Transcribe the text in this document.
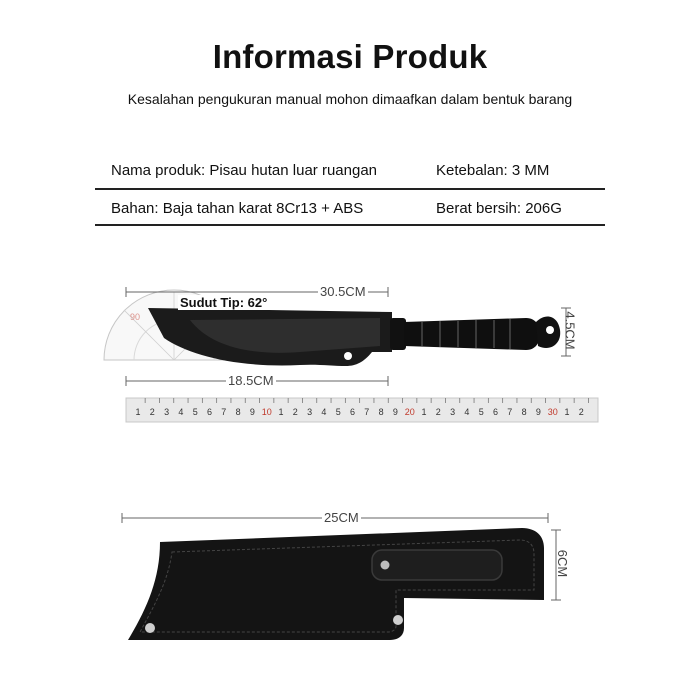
Informasi Produk
Kesalahan pengukuran manual mohon dimaafkan dalam bentuk barang
Nama produk: Pisau hutan luar ruangan	Ketebalan: 3 MM
Bahan: Baja tahan karat 8Cr13 + ABS	Berat bersih: 206G
90
1 2 3 4 5 6 7 8 9 10 1 2 3 4 5 6 7 8 9 20 1 2 3 4 5 6 7 8 9 30 1 2
30.5CM
Sudut Tip: 62°
18.5CM
4.5CM
25CM
6CM
